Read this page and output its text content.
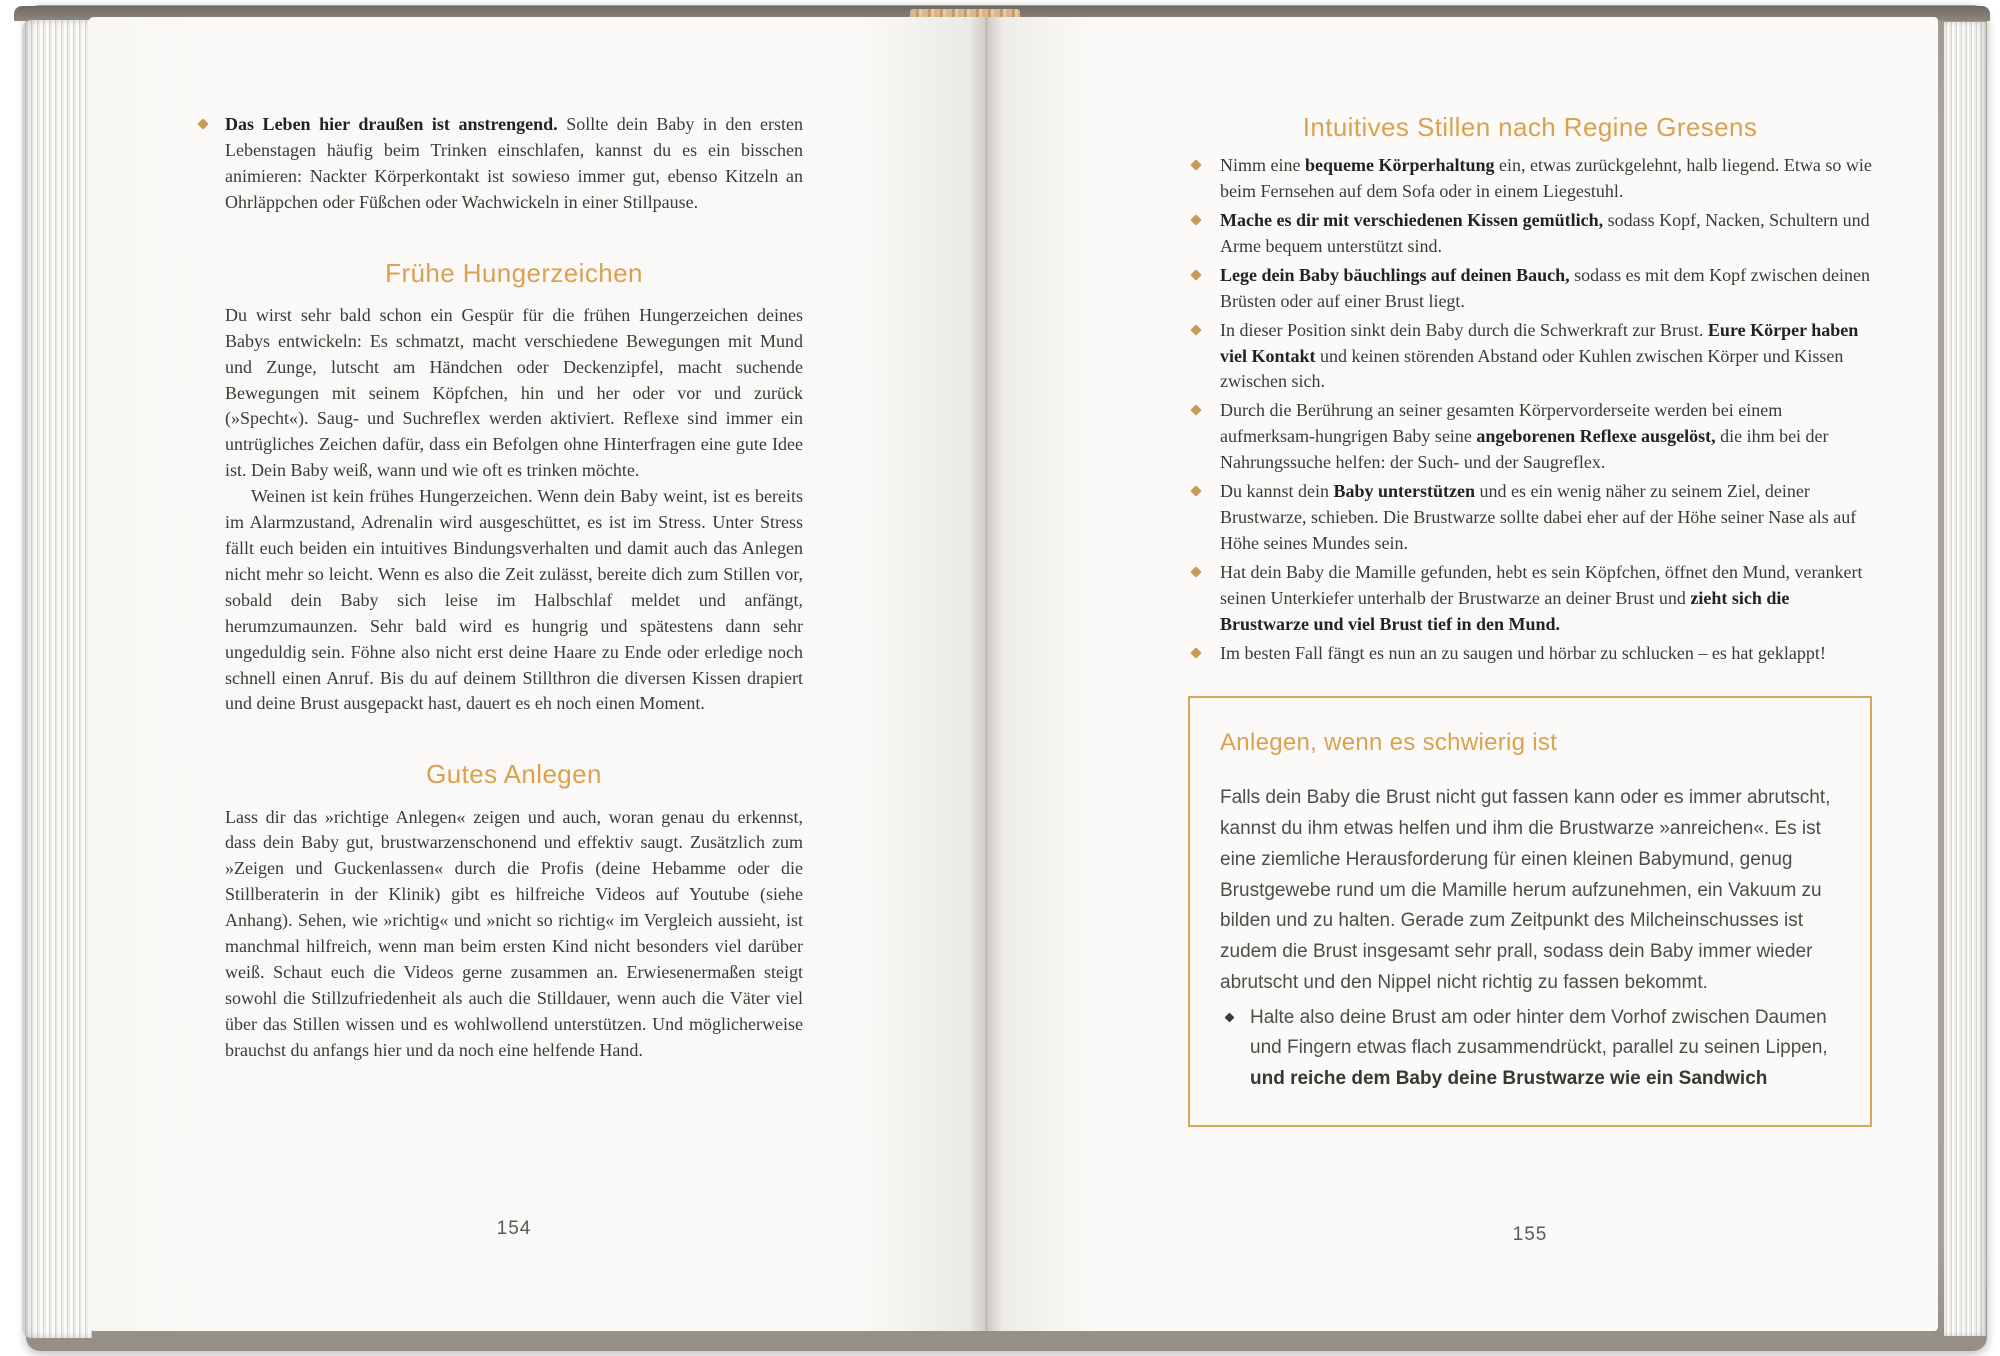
Das Leben hier draußen ist anstrengend. Sollte dein Baby in den ersten Lebenstagen häufig beim Trinken einschlafen, kannst du es ein bisschen animieren: Nackter Körperkontakt ist sowieso immer gut, ebenso Kitzeln an Ohrläppchen oder Füßchen oder Wachwickeln in einer Stillpause.
Frühe Hungerzeichen

Du wirst sehr bald schon ein Gespür für die frühen Hungerzeichen deines Babys entwickeln: Es schmatzt, macht verschiedene Bewegungen mit Mund und Zunge, lutscht am Händchen oder Deckenzipfel, macht suchende Bewegungen mit seinem Köpfchen, hin und her oder vor und zurück (»Specht«). Saug- und Suchreflex werden aktiviert. Reflexe sind immer ein untrügliches Zeichen dafür, dass ein Befolgen ohne Hinterfragen eine gute Idee ist. Dein Baby weiß, wann und wie oft es trinken möchte.

Weinen ist kein frühes Hungerzeichen. Wenn dein Baby weint, ist es bereits im Alarmzustand, Adrenalin wird ausgeschüttet, es ist im Stress. Unter Stress fällt euch beiden ein intuitives Bindungsverhalten und damit auch das Anlegen nicht mehr so leicht. Wenn es also die Zeit zulässt, bereite dich zum Stillen vor, sobald dein Baby sich leise im Halbschlaf meldet und anfängt, herumzumaunzen. Sehr bald wird es hungrig und spätestens dann sehr ungeduldig sein. Föhne also nicht erst deine Haare zu Ende oder erledige noch schnell einen Anruf. Bis du auf deinem Stillthron die diversen Kissen drapiert und deine Brust ausgepackt hast, dauert es eh noch einen Moment.

Gutes Anlegen

Lass dir das »richtige Anlegen« zeigen und auch, woran genau du erkennst, dass dein Baby gut, brustwarzenschonend und effektiv saugt. Zusätzlich zum »Zeigen und Guckenlassen« durch die Profis (deine Hebamme oder die Stillberaterin in der Klinik) gibt es hilfreiche Videos auf Youtube (siehe Anhang). Sehen, wie »richtig« und »nicht so richtig« im Vergleich aussieht, ist manchmal hilfreich, wenn man beim ersten Kind nicht besonders viel darüber weiß. Schaut euch die Videos gerne zusammen an. Erwiesenermaßen steigt sowohl die Stillzufriedenheit als auch die Stilldauer, wenn auch die Väter viel über das Stillen wissen und es wohlwollend unterstützen. Und möglicherweise brauchst du anfangs hier und da noch eine helfende Hand.

154
Intuitives Stillen nach Regine Gresens
Nimm eine bequeme Körperhaltung ein, etwas zurückgelehnt, halb liegend. Etwa so wie beim Fernsehen auf dem Sofa oder in einem Liegestuhl.
Mache es dir mit verschiedenen Kissen gemütlich, sodass Kopf, Nacken, Schultern und Arme bequem unterstützt sind.
Lege dein Baby bäuchlings auf deinen Bauch, sodass es mit dem Kopf zwischen deinen Brüsten oder auf einer Brust liegt.
In dieser Position sinkt dein Baby durch die Schwerkraft zur Brust. Eure Körper haben viel Kontakt und keinen störenden Abstand oder Kuhlen zwischen Körper und Kissen zwischen sich.
Durch die Berührung an seiner gesamten Körpervorderseite werden bei einem aufmerksam-hungrigen Baby seine angeborenen Reflexe ausgelöst, die ihm bei der Nahrungssuche helfen: der Such- und der Saugreflex.
Du kannst dein Baby unterstützen und es ein wenig näher zu seinem Ziel, deiner Brustwarze, schieben. Die Brustwarze sollte dabei eher auf der Höhe seiner Nase als auf Höhe seines Mundes sein.
Hat dein Baby die Mamille gefunden, hebt es sein Köpfchen, öffnet den Mund, verankert seinen Unterkiefer unterhalb der Brustwarze an deiner Brust und zieht sich die Brustwarze und viel Brust tief in den Mund.
Im besten Fall fängt es nun an zu saugen und hörbar zu schlucken – es hat geklappt!
Anlegen, wenn es schwierig ist

Falls dein Baby die Brust nicht gut fassen kann oder es immer abrutscht, kannst du ihm etwas helfen und ihm die Brustwarze »anreichen«. Es ist eine ziemliche Herausforderung für einen kleinen Babymund, genug Brustgewebe rund um die Mamille herum aufzunehmen, ein Vakuum zu bilden und zu halten. Gerade zum Zeitpunkt des Milcheinschusses ist zudem die Brust insgesamt sehr prall, sodass dein Baby immer wieder abrutscht und den Nippel nicht richtig zu fassen bekommt.

Halte also deine Brust am oder hinter dem Vorhof zwischen Daumen und Fingern etwas flach zusammendrückt, parallel zu seinen Lippen, und reiche dem Baby deine Brustwarze wie ein Sandwich
155
